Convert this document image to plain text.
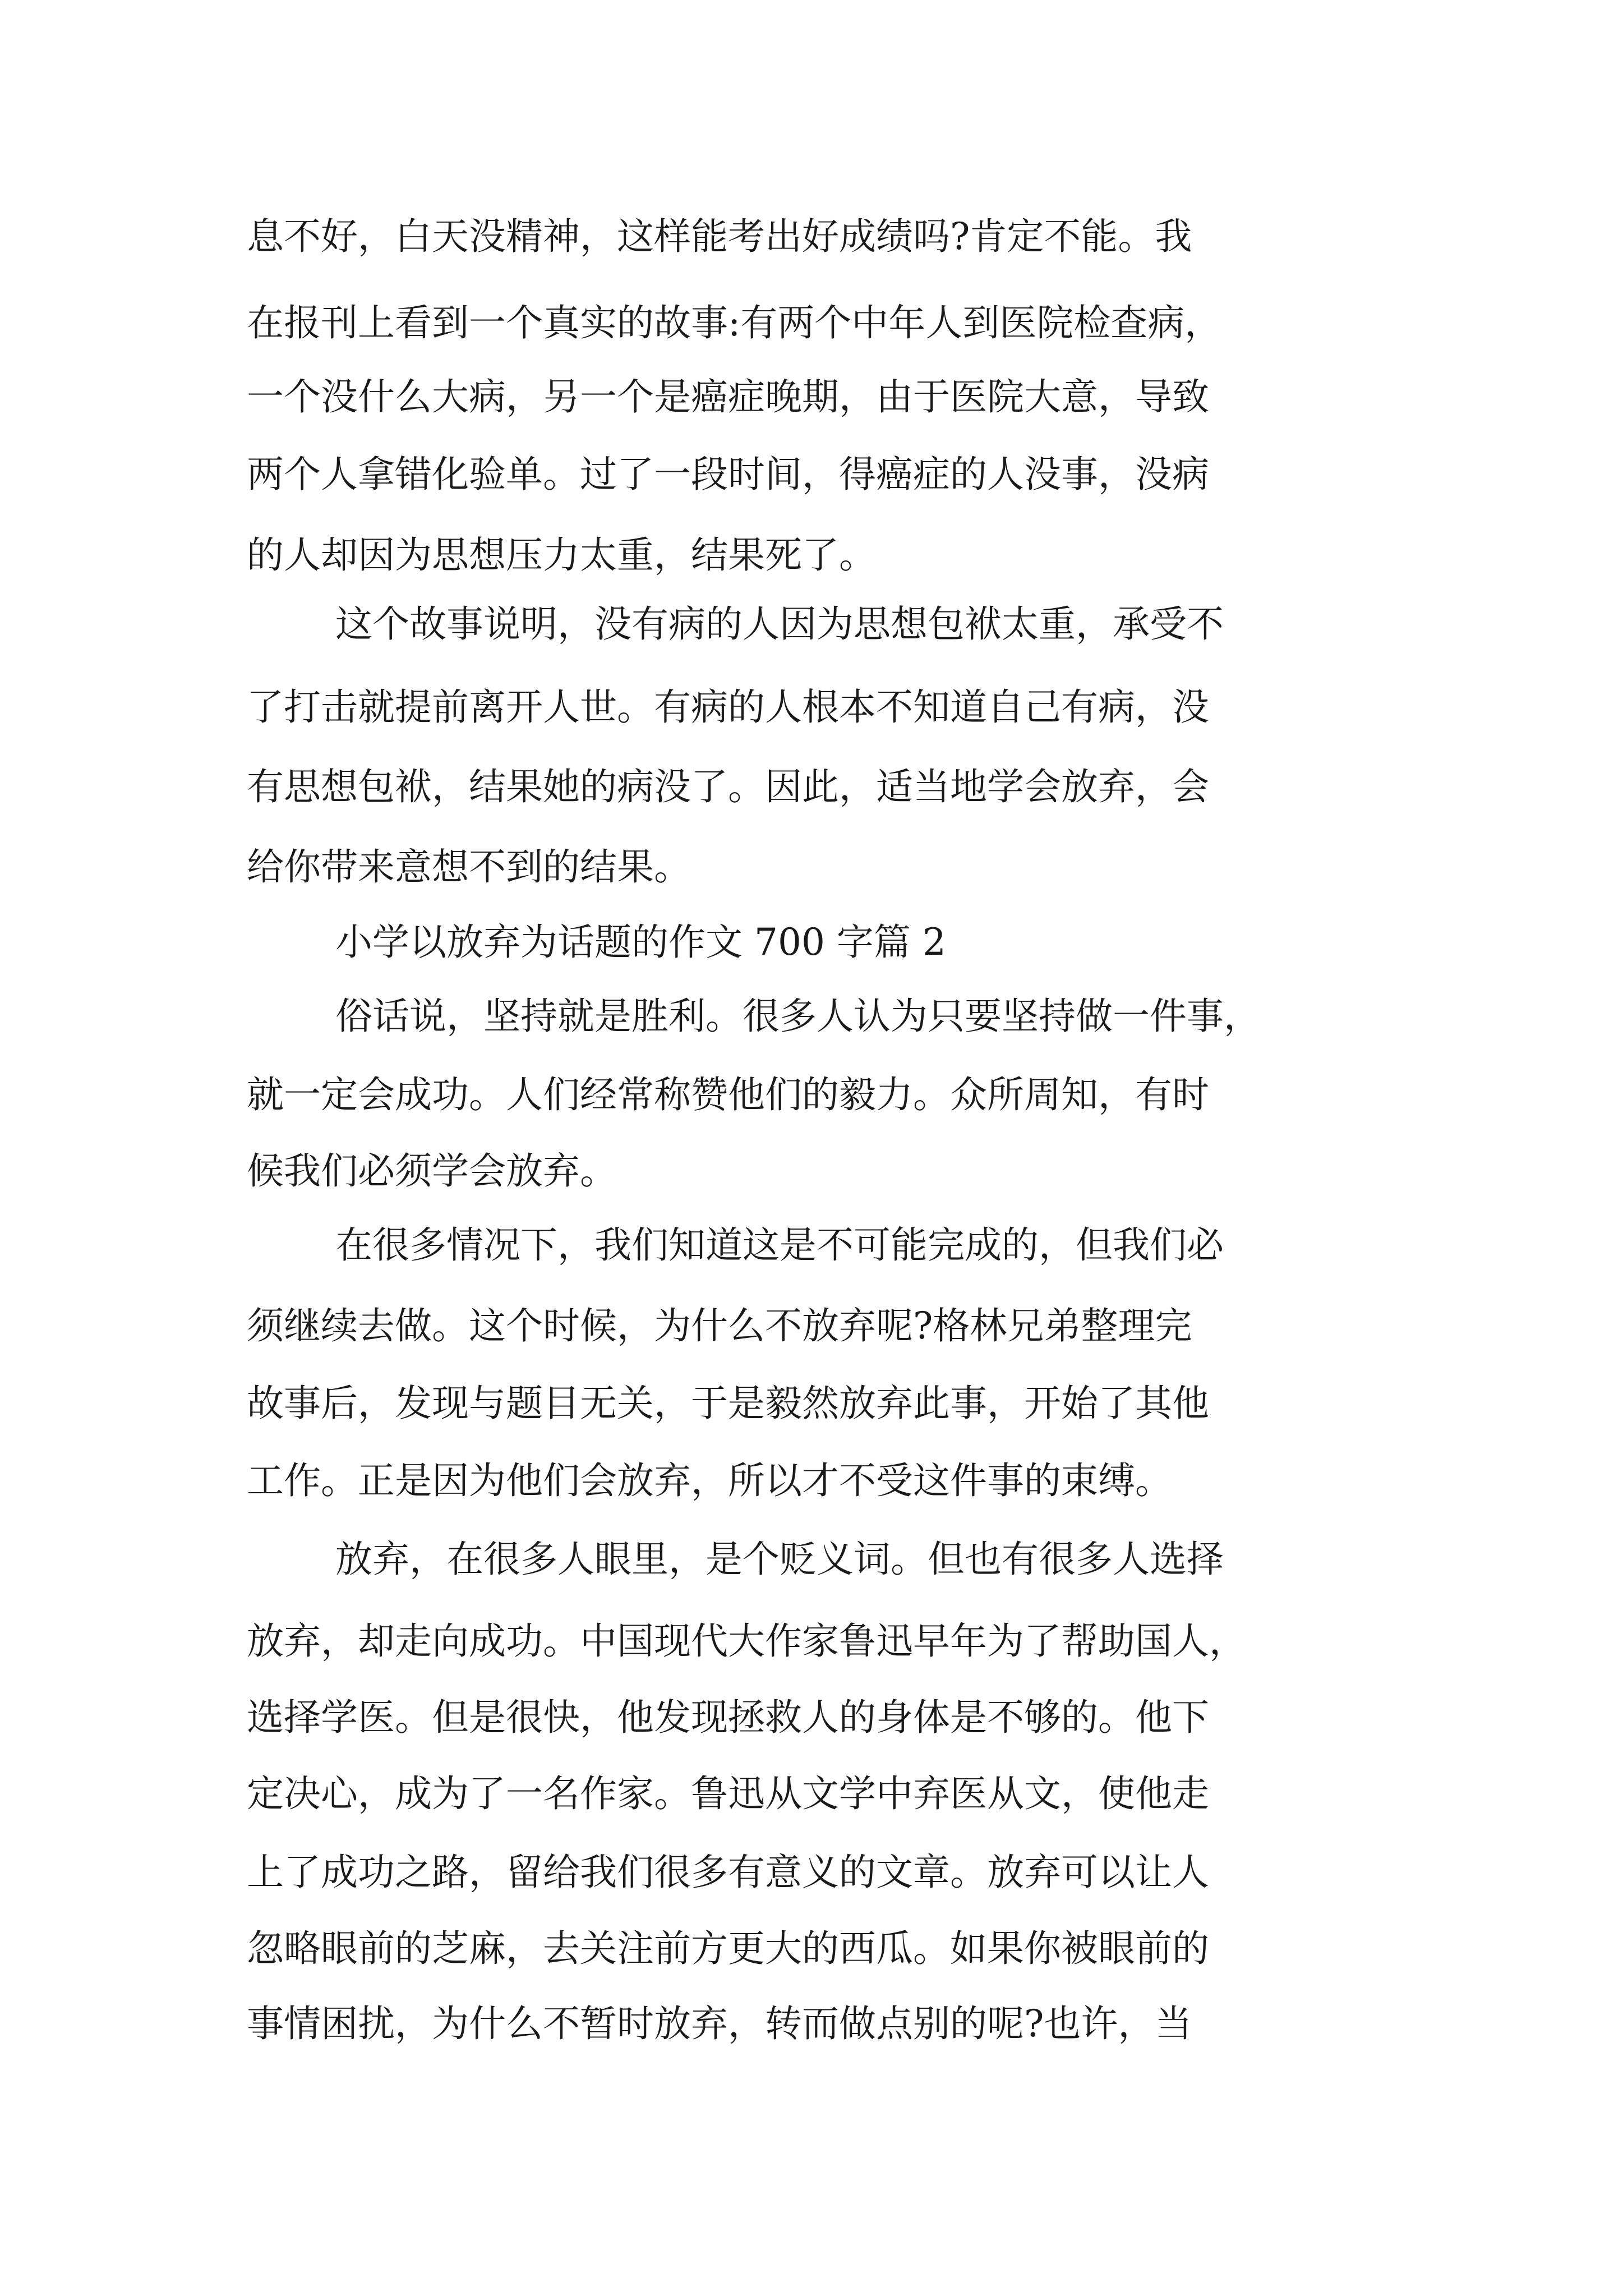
息不好，白天没精神，这样能考出好成绩吗?肯定不能。我

在报刊上看到一个真实的故事:有两个中年人到医院检查病，

一个没什么大病，另一个是癌症晚期，由于医院大意，导致

两个人拿错化验单。过了一段时间，得癌症的人没事，没病

的人却因为思想压力太重，结果死了。

这个故事说明，没有病的人因为思想包袱太重，承受不

了打击就提前离开人世。有病的人根本不知道自己有病，没

有思想包袱，结果她的病没了。因此，适当地学会放弃，会

给你带来意想不到的结果。

小学以放弃为话题的作文 700 字篇 2

俗话说，坚持就是胜利。很多人认为只要坚持做一件事，

就一定会成功。人们经常称赞他们的毅力。众所周知，有时

候我们必须学会放弃。

在很多情况下，我们知道这是不可能完成的，但我们必

须继续去做。这个时候，为什么不放弃呢?格林兄弟整理完

故事后，发现与题目无关，于是毅然放弃此事，开始了其他

工作。正是因为他们会放弃，所以才不受这件事的束缚。

放弃，在很多人眼里，是个贬义词。但也有很多人选择

放弃，却走向成功。中国现代大作家鲁迅早年为了帮助国人，

选择学医。但是很快，他发现拯救人的身体是不够的。他下

定决心，成为了一名作家。鲁迅从文学中弃医从文，使他走

上了成功之路，留给我们很多有意义的文章。放弃可以让人

忽略眼前的芝麻，去关注前方更大的西瓜。如果你被眼前的

事情困扰，为什么不暂时放弃，转而做点别的呢?也许，当
